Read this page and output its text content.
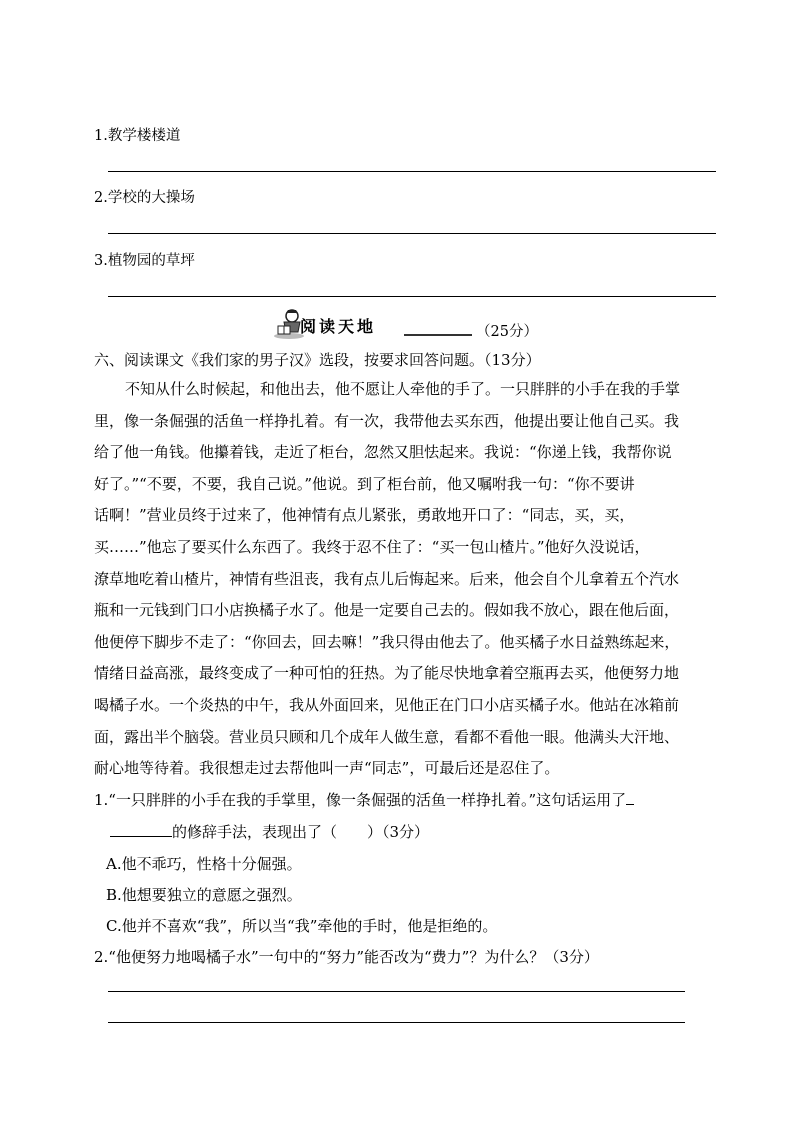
1.教学楼楼道
2.学校的大操场
3.植物园的草坪
阅读天地	（25分）
六、阅读课文《我们家的男子汉》选段，按要求回答问题。（13分）
不知从什么时候起，和他出去，他不愿让人牵他的手了。一只胖胖的小手在我的手掌
里，像一条倔强的活鱼一样挣扎着。有一次，我带他去买东西，他提出要让他自己买。我
给了他一角钱。他攥着钱，走近了柜台，忽然又胆怯起来。我说：“你递上钱，我帮你说
好了。”“不要，不要，我自己说。”他说。到了柜台前，他又嘱咐我一句：“你不要讲
话啊！”营业员终于过来了，他神情有点儿紧张，勇敢地开口了：“同志，买，买，
买……”他忘了要买什么东西了。我终于忍不住了：“买一包山楂片。”他好久没说话，
潦草地吃着山楂片，神情有些沮丧，我有点儿后悔起来。后来，他会自个儿拿着五个汽水
瓶和一元钱到门口小店换橘子水了。他是一定要自己去的。假如我不放心，跟在他后面，
他便停下脚步不走了：“你回去，回去嘛！”我只得由他去了。他买橘子水日益熟练起来，
情绪日益高涨，最终变成了一种可怕的狂热。为了能尽快地拿着空瓶再去买，他便努力地
喝橘子水。一个炎热的中午，我从外面回来，见他正在门口小店买橘子水。他站在冰箱前
面，露出半个脑袋。营业员只顾和几个成年人做生意，看都不看他一眼。他满头大汗地、
耐心地等待着。我很想走过去帮他叫一声“同志”，可最后还是忍住了。
1.“一只胖胖的小手在我的手掌里，像一条倔强的活鱼一样挣扎着。”这句话运用了
的修辞手法，表现出了（　　）（3分）
A.他不乖巧，性格十分倔强。
B.他想要独立的意愿之强烈。
C.他并不喜欢“我”，所以当“我”牵他的手时，他是拒绝的。
2.“他便努力地喝橘子水”一句中的“努力”能否改为“费力”？为什么？（3分）
